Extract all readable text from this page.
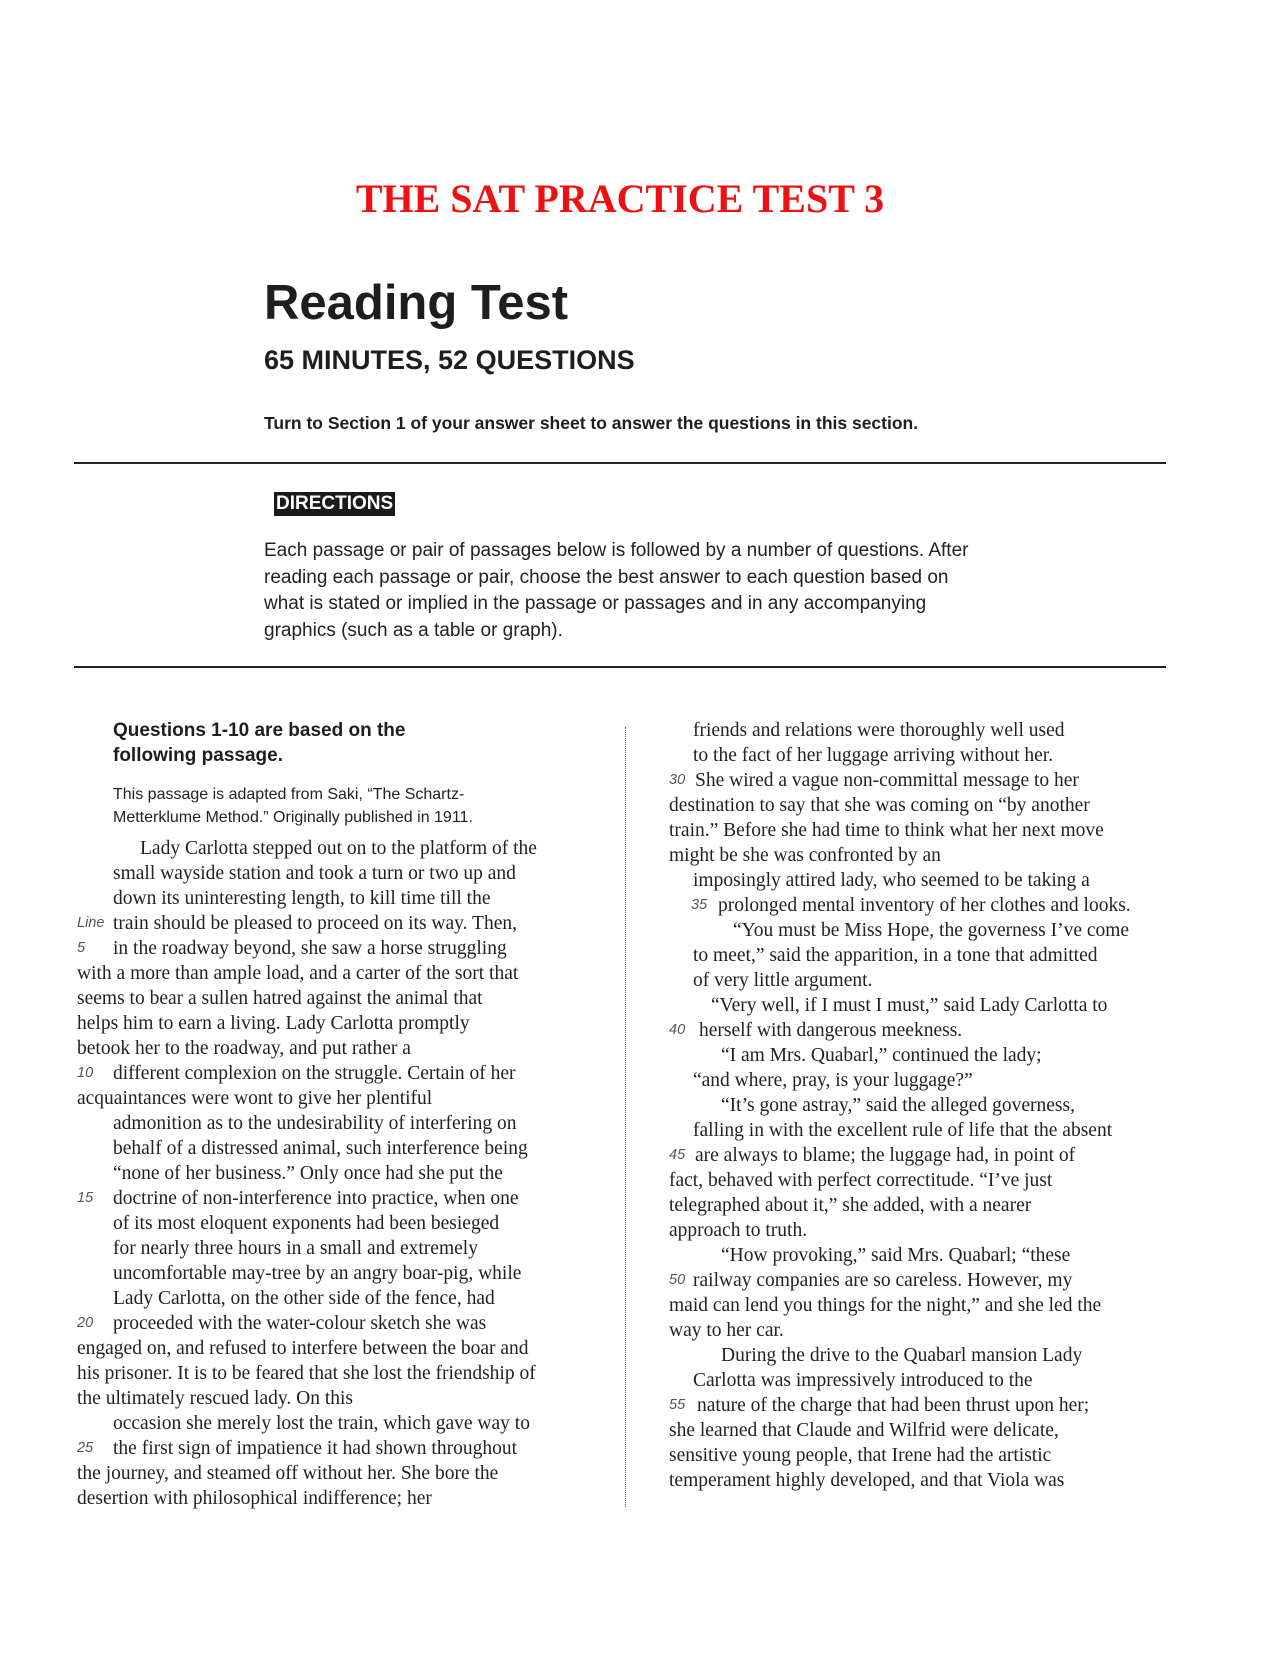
THE SAT PRACTICE TEST 3
Reading Test
65 MINUTES, 52 QUESTIONS
Turn to Section 1 of your answer sheet to answer the questions in this section.
DIRECTIONS
Each passage or pair of passages below is followed by a number of questions. After
reading each passage or pair, choose the best answer to each question based on
what is stated or implied in the passage or passages and in any accompanying
graphics (such as a table or graph).
Questions 1-10 are based on the
following passage.
This passage is adapted from Saki, “The Schartz-
Metterklume Method.” Originally published in 1911.
Lady Carlotta stepped out on to the platform of the
small wayside station and took a turn or two up and
down its uninteresting length, to kill time till the
train should be pleased to proceed on its way. Then,
in the roadway beyond, she saw a horse struggling
with a more than ample load, and a carter of the sort that
seems to bear a sullen hatred against the animal that
helps him to earn a living. Lady Carlotta promptly
betook her to the roadway, and put rather a
different complexion on the struggle. Certain of her
acquaintances were wont to give her plentiful
admonition as to the undesirability of interfering on
behalf of a distressed animal, such interference being
“none of her business.” Only once had she put the
doctrine of non-interference into practice, when one
of its most eloquent exponents had been besieged
for nearly three hours in a small and extremely
uncomfortable may-tree by an angry boar-pig, while
Lady Carlotta, on the other side of the fence, had
proceeded with the water-colour sketch she was
engaged on, and refused to interfere between the boar and
his prisoner. It is to be feared that she lost the friendship of
the ultimately rescued lady. On this
occasion she merely lost the train, which gave way to
the first sign of impatience it had shown throughout
the journey, and steamed off without her. She bore the
desertion with philosophical indifference; her
Line
5
10
15
20
25
friends and relations were thoroughly well used
to the fact of her luggage arriving without her.
She wired a vague non-committal message to her
destination to say that she was coming on “by another
train.” Before she had time to think what her next move
might be she was confronted by an
imposingly attired lady, who seemed to be taking a
prolonged mental inventory of her clothes and looks.
“You must be Miss Hope, the governess I’ve come
to meet,” said the apparition, in a tone that admitted
of very little argument.
“Very well, if I must I must,” said Lady Carlotta to
herself with dangerous meekness.
“I am Mrs. Quabarl,” continued the lady;
“and where, pray, is your luggage?”
“It’s gone astray,” said the alleged governess,
falling in with the excellent rule of life that the absent
are always to blame; the luggage had, in point of
fact, behaved with perfect correctitude. “I’ve just
telegraphed about it,” she added, with a nearer
approach to truth.
“How provoking,” said Mrs. Quabarl; “these
railway companies are so careless. However, my
maid can lend you things for the night,” and she led the
way to her car.
During the drive to the Quabarl mansion Lady
Carlotta was impressively introduced to the
nature of the charge that had been thrust upon her;
she learned that Claude and Wilfrid were delicate,
sensitive young people, that Irene had the artistic
temperament highly developed, and that Viola was
30
35
40
45
50
55
